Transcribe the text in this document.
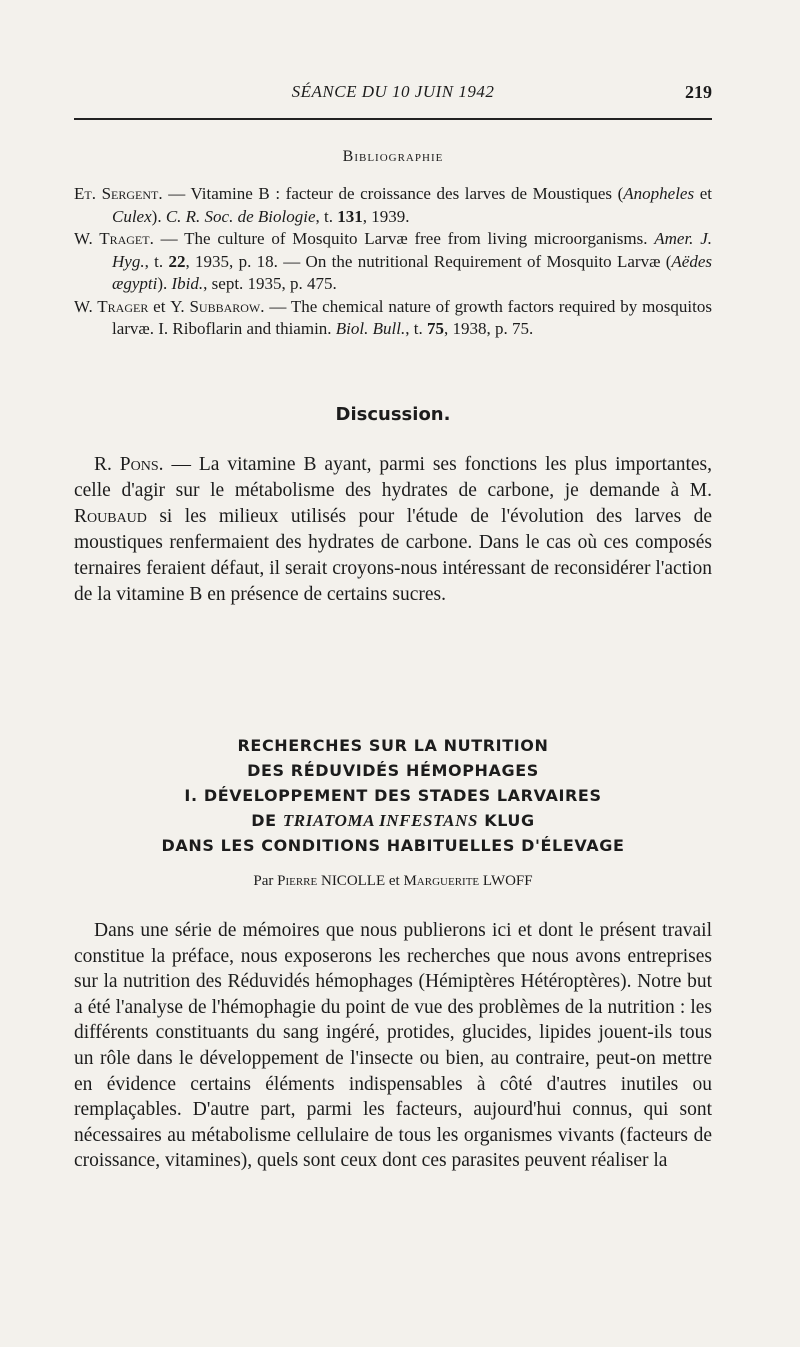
SÉANCE DU 10 JUIN 1942	219
Bibliographie

Et. Sergent. — Vitamine B : facteur de croissance des larves de Moustiques (Anopheles et Culex). C. R. Soc. de Biologie, t. 131, 1939.

W. Traget. — The culture of Mosquito Larvæ free from living microorganisms. Amer. J. Hyg., t. 22, 1935, p. 18. — On the nutritional Requirement of Mosquito Larvæ (Aëdes ægypti). Ibid., sept. 1935, p. 475.

W. Trager et Y. Subbarow. — The chemical nature of growth factors required by mosquitos larvæ. I. Riboflarin and thiamin. Biol. Bull., t. 75, 1938, p. 75.

Discussion.

R. Pons. — La vitamine B ayant, parmi ses fonctions les plus importantes, celle d'agir sur le métabolisme des hydrates de carbone, je demande à M. Roubaud si les milieux utilisés pour l'étude de l'évolution des larves de moustiques renfermaient des hydrates de carbone. Dans le cas où ces composés ternaires feraient défaut, il serait croyons-nous intéressant de reconsidérer l'action de la vitamine B en présence de certains sucres.

RECHERCHES SUR LA NUTRITION
DES RÉDUVIDÉS HÉMOPHAGES
I. DÉVELOPPEMENT DES STADES LARVAIRES
DE TRIATOMA INFESTANS KLUG
DANS LES CONDITIONS HABITUELLES D'ÉLEVAGE
Par Pierre NICOLLE et Marguerite LWOFF

Dans une série de mémoires que nous publierons ici et dont le présent travail constitue la préface, nous exposerons les recherches que nous avons entreprises sur la nutrition des Réduvidés hémophages (Hémiptères Hétéroptères). Notre but a été l'analyse de l'hémophagie du point de vue des problèmes de la nutrition : les différents constituants du sang ingéré, protides, glucides, lipides jouent-ils tous un rôle dans le développement de l'insecte ou bien, au contraire, peut-on mettre en évidence certains éléments indispensables à côté d'autres inutiles ou remplaçables. D'autre part, parmi les facteurs, aujourd'hui connus, qui sont nécessaires au métabolisme cellulaire de tous les organismes vivants (facteurs de croissance, vitamines), quels sont ceux dont ces parasites peuvent réaliser la
